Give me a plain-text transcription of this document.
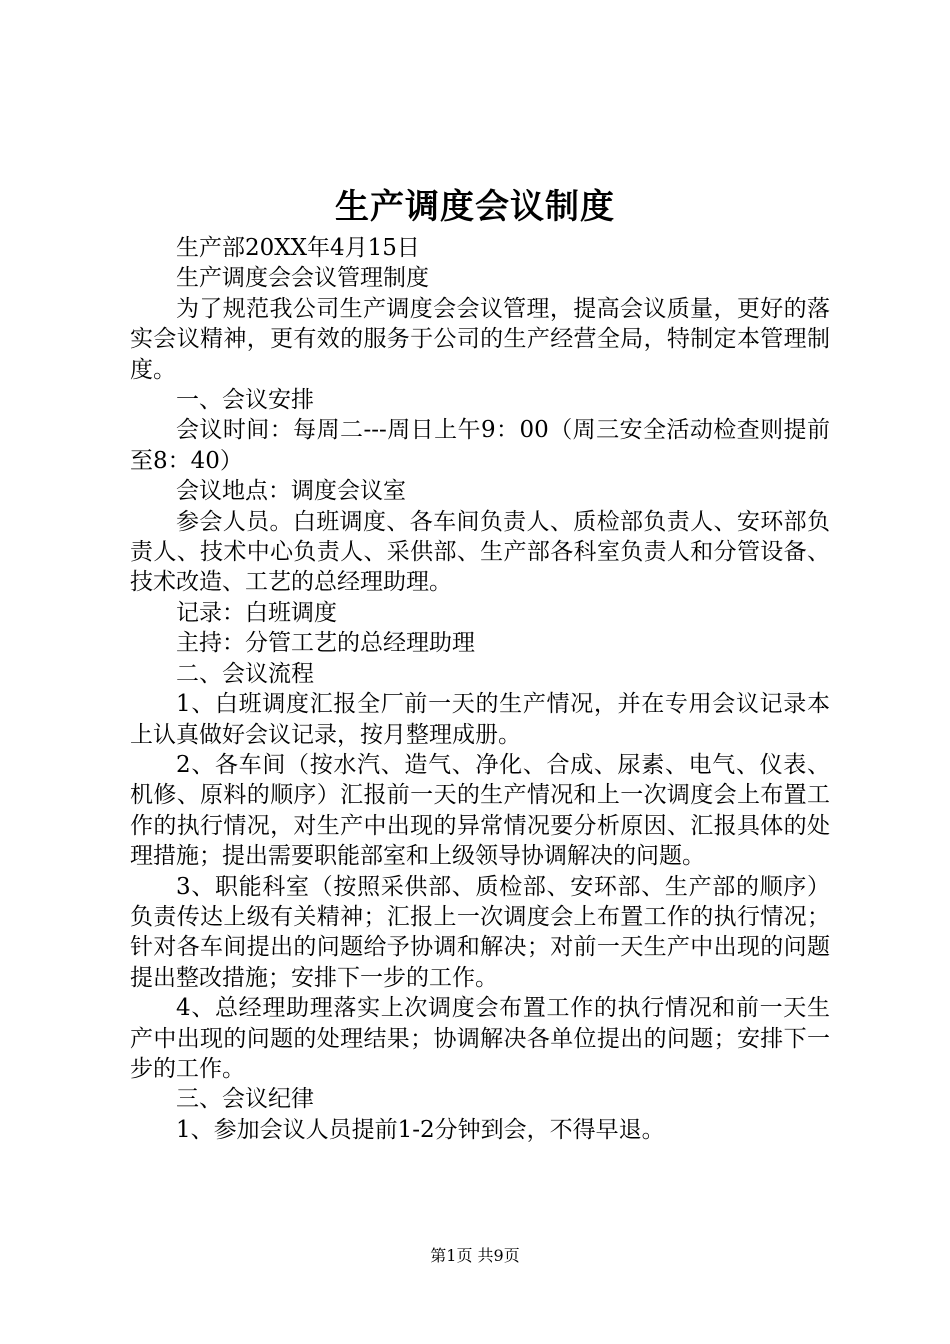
生产调度会议制度

生产部20XX年4月15日

生产调度会会议管理制度

为了规范我公司生产调度会会议管理，提高会议质量，更好的落实会议精神，更有效的服务于公司的生产经营全局，特制定本管理制度。

一、会议安排

会议时间：每周二---周日上午9：00（周三安全活动检查则提前至8：40）

会议地点：调度会议室

参会人员。白班调度、各车间负责人、质检部负责人、安环部负责人、技术中心负责人、采供部、生产部各科室负责人和分管设备、技术改造、工艺的总经理助理。

记录：白班调度

主持：分管工艺的总经理助理

二、会议流程

1、白班调度汇报全厂前一天的生产情况，并在专用会议记录本上认真做好会议记录，按月整理成册。

2、各车间（按水汽、造气、净化、合成、尿素、电气、仪表、机修、原料的顺序）汇报前一天的生产情况和上一次调度会上布置工作的执行情况，对生产中出现的异常情况要分析原因、汇报具体的处理措施；提出需要职能部室和上级领导协调解决的问题。

3、职能科室（按照采供部、质检部、安环部、生产部的顺序）负责传达上级有关精神；汇报上一次调度会上布置工作的执行情况；针对各车间提出的问题给予协调和解决；对前一天生产中出现的问题提出整改措施；安排下一步的工作。

4、总经理助理落实上次调度会布置工作的执行情况和前一天生产中出现的问题的处理结果；协调解决各单位提出的问题；安排下一步的工作。

三、会议纪律

1、参加会议人员提前1-2分钟到会，不得早退。

第1页 共9页
